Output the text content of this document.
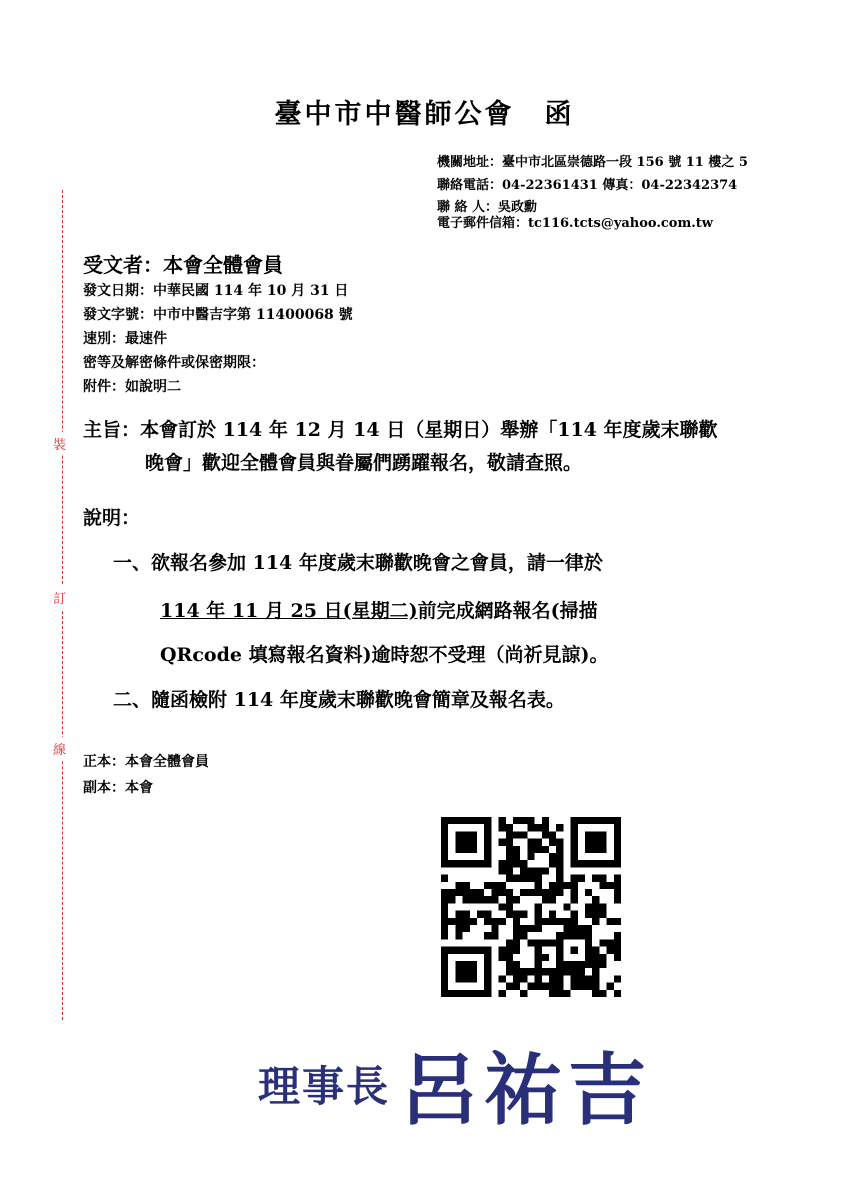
臺中市中醫師公會　函
機關地址：臺中市北區崇德路一段 156 號 11 樓之 5
聯絡電話：04-22361431 傳真：04-22342374
聯 絡 人：吳政勳
電子郵件信箱：tc116.tcts@yahoo.com.tw
裝
訂
線
受文者：本會全體會員
發文日期：中華民國 114 年 10 月 31 日
發文字號：中市中醫吉字第 11400068 號
速別：最速件
密等及解密條件或保密期限：
附件：如說明二
主旨：本會訂於 114 年 12 月 14 日（星期日）舉辦「114 年度歲末聯歡
晚會」歡迎全體會員與眷屬們踴躍報名，敬請查照。
說明：
一、欲報名參加 114 年度歲末聯歡晚會之會員，請一律於
114 年 11 月 25 日(星期二)前完成網路報名(掃描
QRcode 填寫報名資料)逾時恕不受理（尚祈見諒)。
二、隨函檢附 114 年度歲末聯歡晚會簡章及報名表。
正本：本會全體會員
副本：本會
理事長 呂祐吉
